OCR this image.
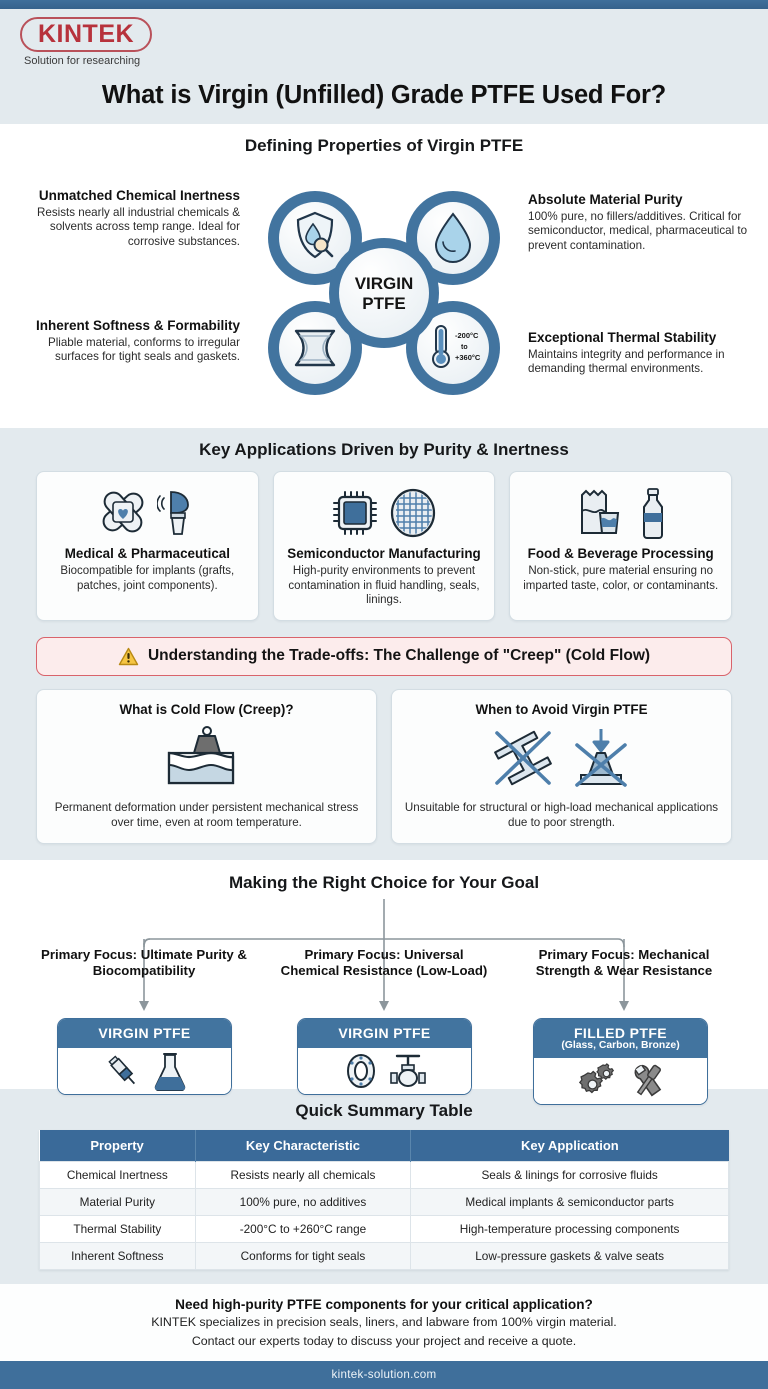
KINTEK
Solution for researching
What is Virgin (Unfilled) Grade PTFE Used For?
Defining Properties of Virgin PTFE
Unmatched Chemical Inertness
Resists nearly all industrial chemicals & solvents across temp range. Ideal for corrosive substances.
Inherent Softness & Formability
Pliable material, conforms to irregular surfaces for tight seals and gaskets.
Absolute Material Purity
100% pure, no fillers/additives. Critical for semiconductor, medical, pharmaceutical to prevent contamination.
Exceptional Thermal Stability
Maintains integrity and performance in demanding thermal environments.
VIRGIN
PTFE
-200°C
to
+360°C
Key Applications Driven by Purity & Inertness
Medical & Pharmaceutical
Biocompatible for implants (grafts, patches, joint components).
Semiconductor Manufacturing
High-purity environments to prevent contamination in fluid handling, seals, linings.
Food & Beverage Processing
Non-stick, pure material ensuring no imparted taste, color, or contaminants.
Understanding the Trade-offs: The Challenge of "Creep" (Cold Flow)
What is Cold Flow (Creep)?
Permanent deformation under persistent mechanical stress over time, even at room temperature.
When to Avoid Virgin PTFE
Unsuitable for structural or high-load mechanical applications due to poor strength.
Making the Right Choice for Your Goal
Primary Focus: Ultimate Purity & Biocompatibility
Primary Focus: Universal Chemical Resistance (Low-Load)
Primary Focus: Mechanical Strength & Wear Resistance
VIRGIN PTFE	VIRGIN PTFE	FILLED PTFE
(Glass, Carbon, Bronze)
Quick Summary Table
Property	Key Characteristic	Key Application
Chemical Inertness	Resists nearly all chemicals	Seals & linings for corrosive fluids
Material Purity	100% pure, no additives	Medical implants & semiconductor parts
Thermal Stability	-200°C to +260°C range	High-temperature processing components
Inherent Softness	Conforms for tight seals	Low-pressure gaskets & valve seats
Need high-purity PTFE components for your critical application?
KINTEK specializes in precision seals, liners, and labware from 100% virgin material.
Contact our experts today to discuss your project and receive a quote.
kintek-solution.com
